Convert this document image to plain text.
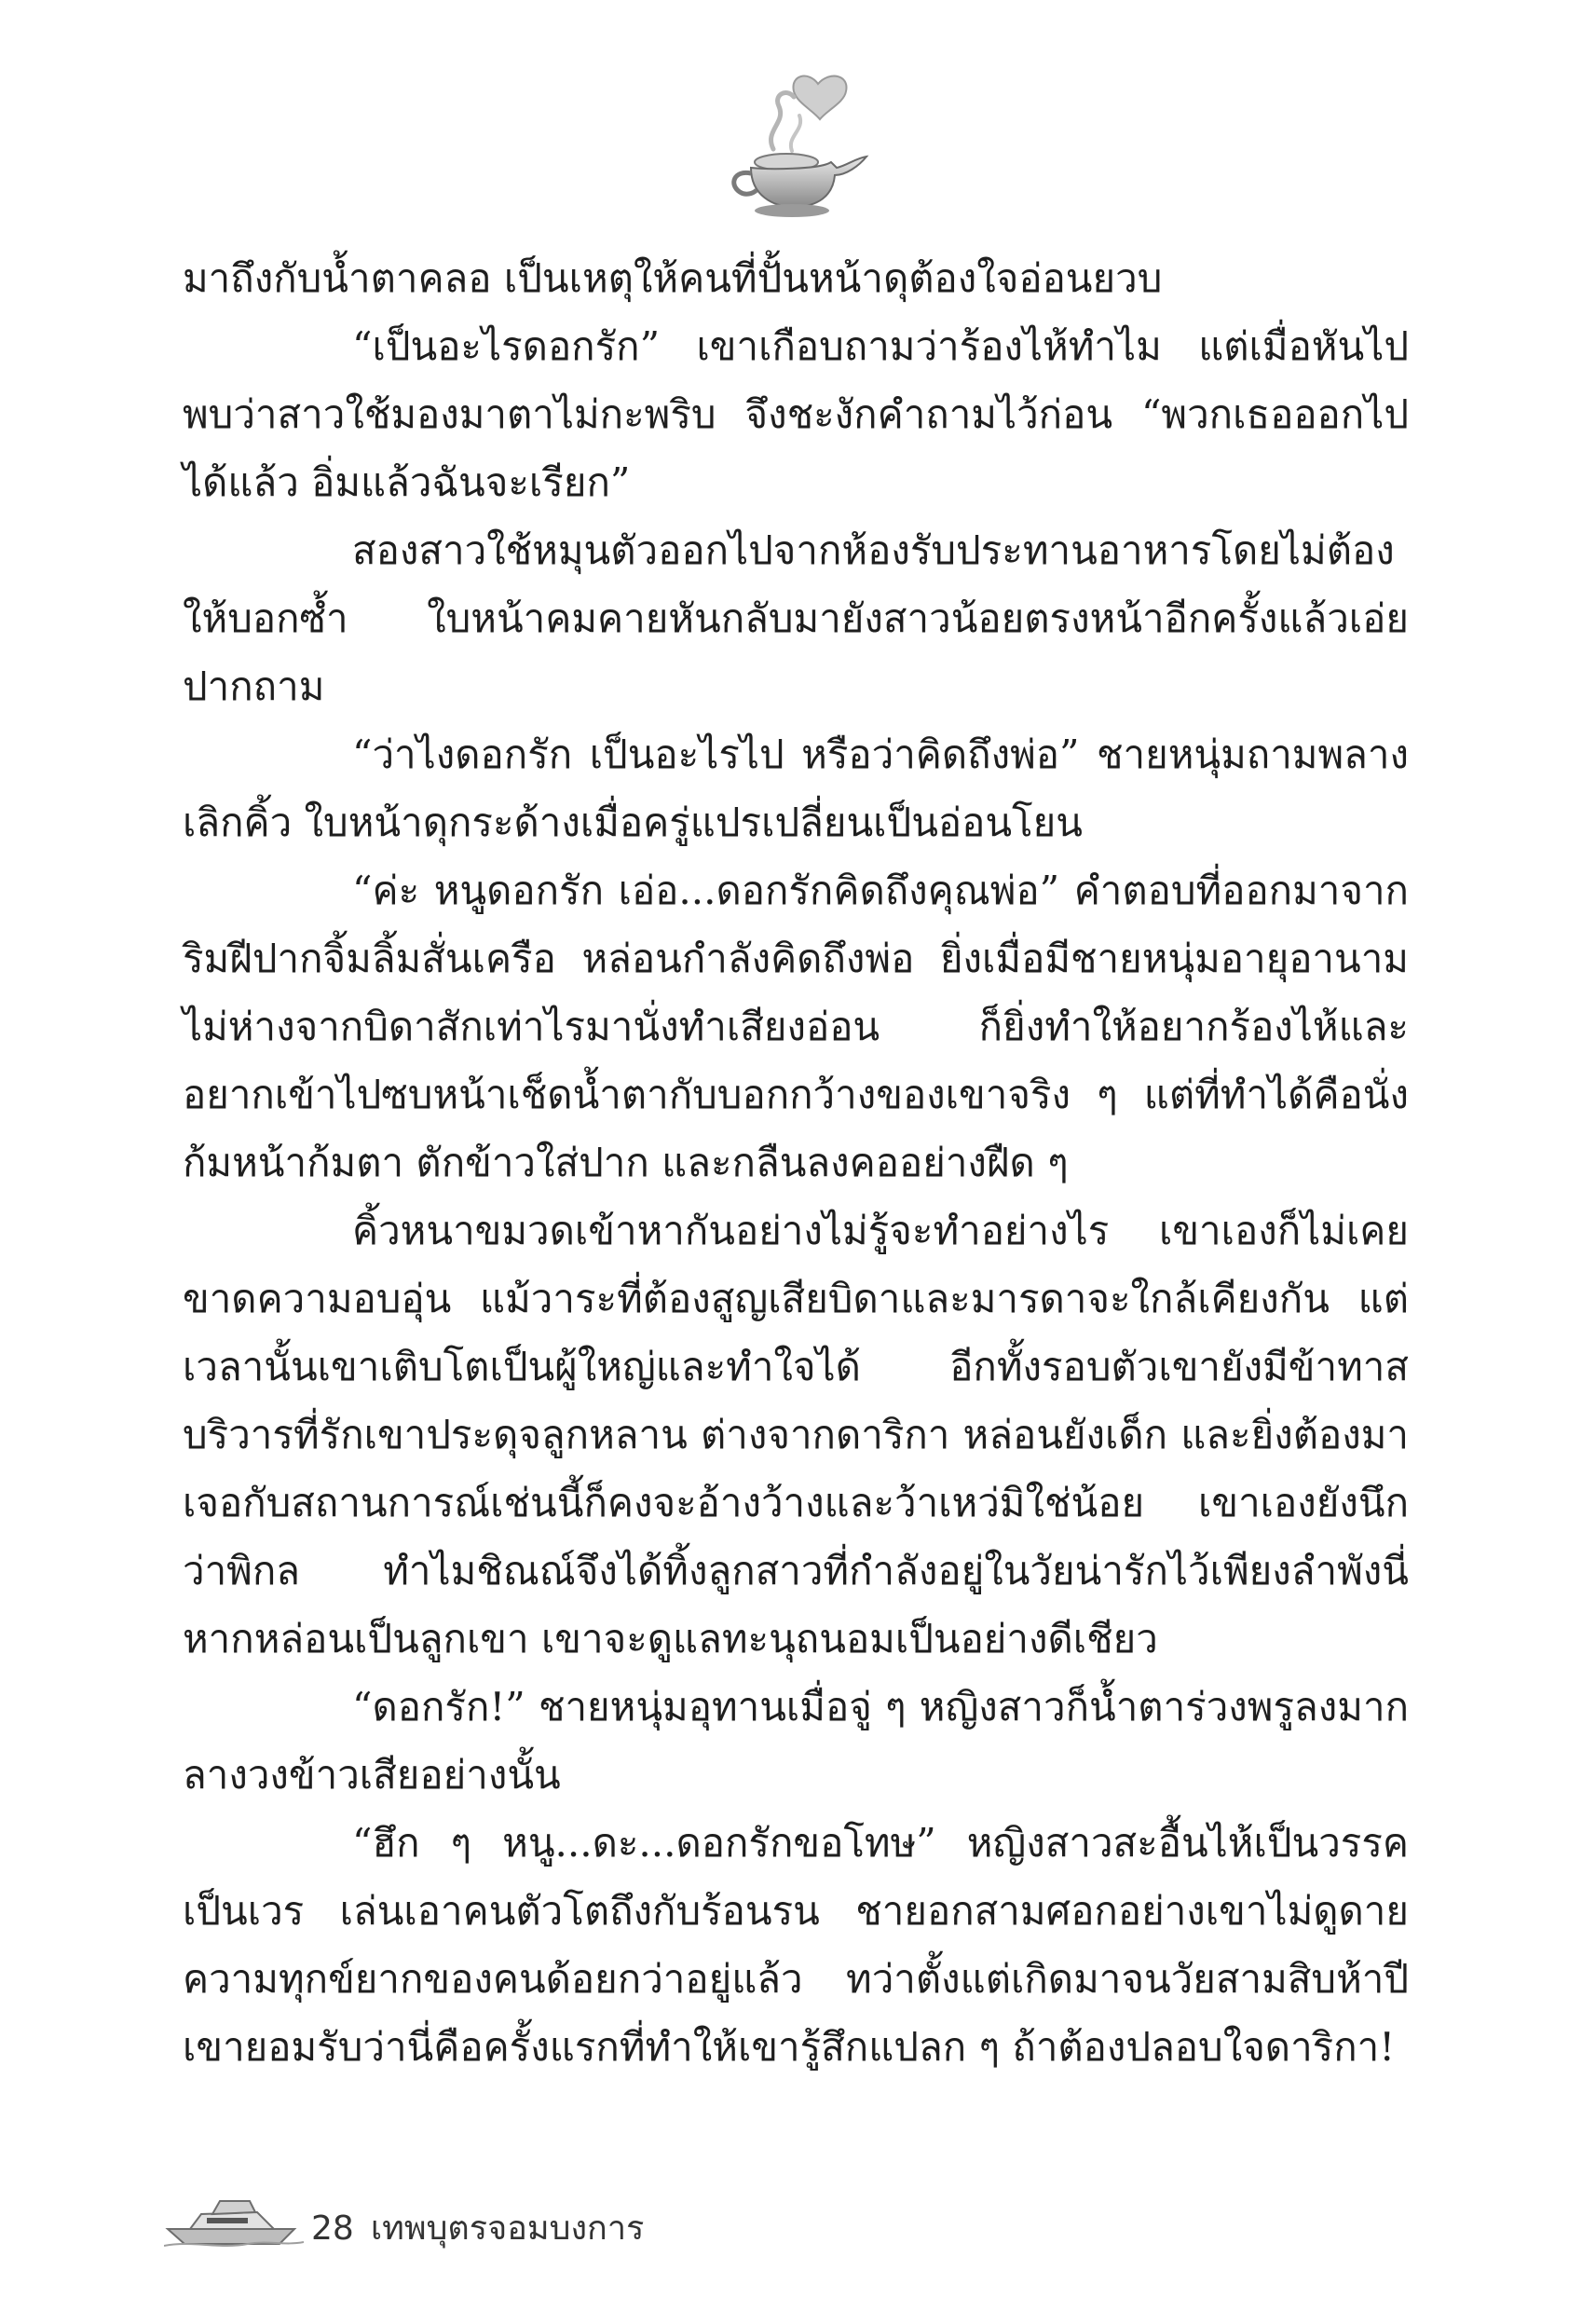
มาถึงกับน้ำตาคลอ เป็นเหตุให้คนที่ปั้นหน้าดุต้องใจอ่อนยวบ

“เป็นอะไรดอกรัก” เขาเกือบถามว่าร้องไห้ทำไม แต่เมื่อหันไปพบว่าสาวใช้มองมาตาไม่กะพริบ จึงชะงักคำถามไว้ก่อน “พวกเธอออกไปได้แล้ว อิ่มแล้วฉันจะเรียก”

สองสาวใช้หมุนตัวออกไปจากห้องรับประทานอาหารโดยไม่ต้องให้บอกซ้ำ ใบหน้าคมคายหันกลับมายังสาวน้อยตรงหน้าอีกครั้งแล้วเอ่ยปากถาม

“ว่าไงดอกรัก เป็นอะไรไป หรือว่าคิดถึงพ่อ” ชายหนุ่มถามพลางเลิกคิ้ว ใบหน้าดุกระด้างเมื่อครู่แปรเปลี่ยนเป็นอ่อนโยน

“ค่ะ หนูดอกรัก เอ่อ...ดอกรักคิดถึงคุณพ่อ” คำตอบที่ออกมาจากริมฝีปากจิ้มลิ้มสั่นเครือ หล่อนกำลังคิดถึงพ่อ ยิ่งเมื่อมีชายหนุ่มอายุอานามไม่ห่างจากบิดาสักเท่าไรมานั่งทำเสียงอ่อน ก็ยิ่งทำให้อยากร้องไห้และอยากเข้าไปซบหน้าเช็ดน้ำตากับบอกกว้างของเขาจริง ๆ แต่ที่ทำได้คือนั่งก้มหน้าก้มตา ตักข้าวใส่ปาก และกลืนลงคออย่างฝืด ๆ

คิ้วหนาขมวดเข้าหากันอย่างไม่รู้จะทำอย่างไร เขาเองก็ไม่เคยขาดความอบอุ่น แม้วาระที่ต้องสูญเสียบิดาและมารดาจะใกล้เคียงกัน แต่เวลานั้นเขาเติบโตเป็นผู้ใหญ่และทำใจได้ อีกทั้งรอบตัวเขายังมีข้าทาสบริวารที่รักเขาประดุจลูกหลาน ต่างจากดาริกา หล่อนยังเด็ก และยิ่งต้องมาเจอกับสถานการณ์เช่นนี้ก็คงจะอ้างว้างและว้าเหว่มิใช่น้อย เขาเองยังนึกว่าพิกล ทำไมชิณณ์จึงได้ทิ้งลูกสาวที่กำลังอยู่ในวัยน่ารักไว้เพียงลำพังนี่หากหล่อนเป็นลูกเขา เขาจะดูแลทะนุถนอมเป็นอย่างดีเชียว

“ดอกรัก!” ชายหนุ่มอุทานเมื่อจู่ ๆ หญิงสาวก็น้ำตาร่วงพรูลงมากลางวงข้าวเสียอย่างนั้น

“ฮึก ๆ หนู...ดะ...ดอกรักขอโทษ” หญิงสาวสะอื้นไห้เป็นวรรคเป็นเวร เล่นเอาคนตัวโตถึงกับร้อนรน ชายอกสามศอกอย่างเขาไม่ดูดายความทุกข์ยากของคนด้อยกว่าอยู่แล้ว ทว่าตั้งแต่เกิดมาจนวัยสามสิบห้าปี เขายอมรับว่านี่คือครั้งแรกที่ทำให้เขารู้สึกแปลก ๆ ถ้าต้องปลอบใจดาริกา!

28 เทพบุตรจอมบงการ
